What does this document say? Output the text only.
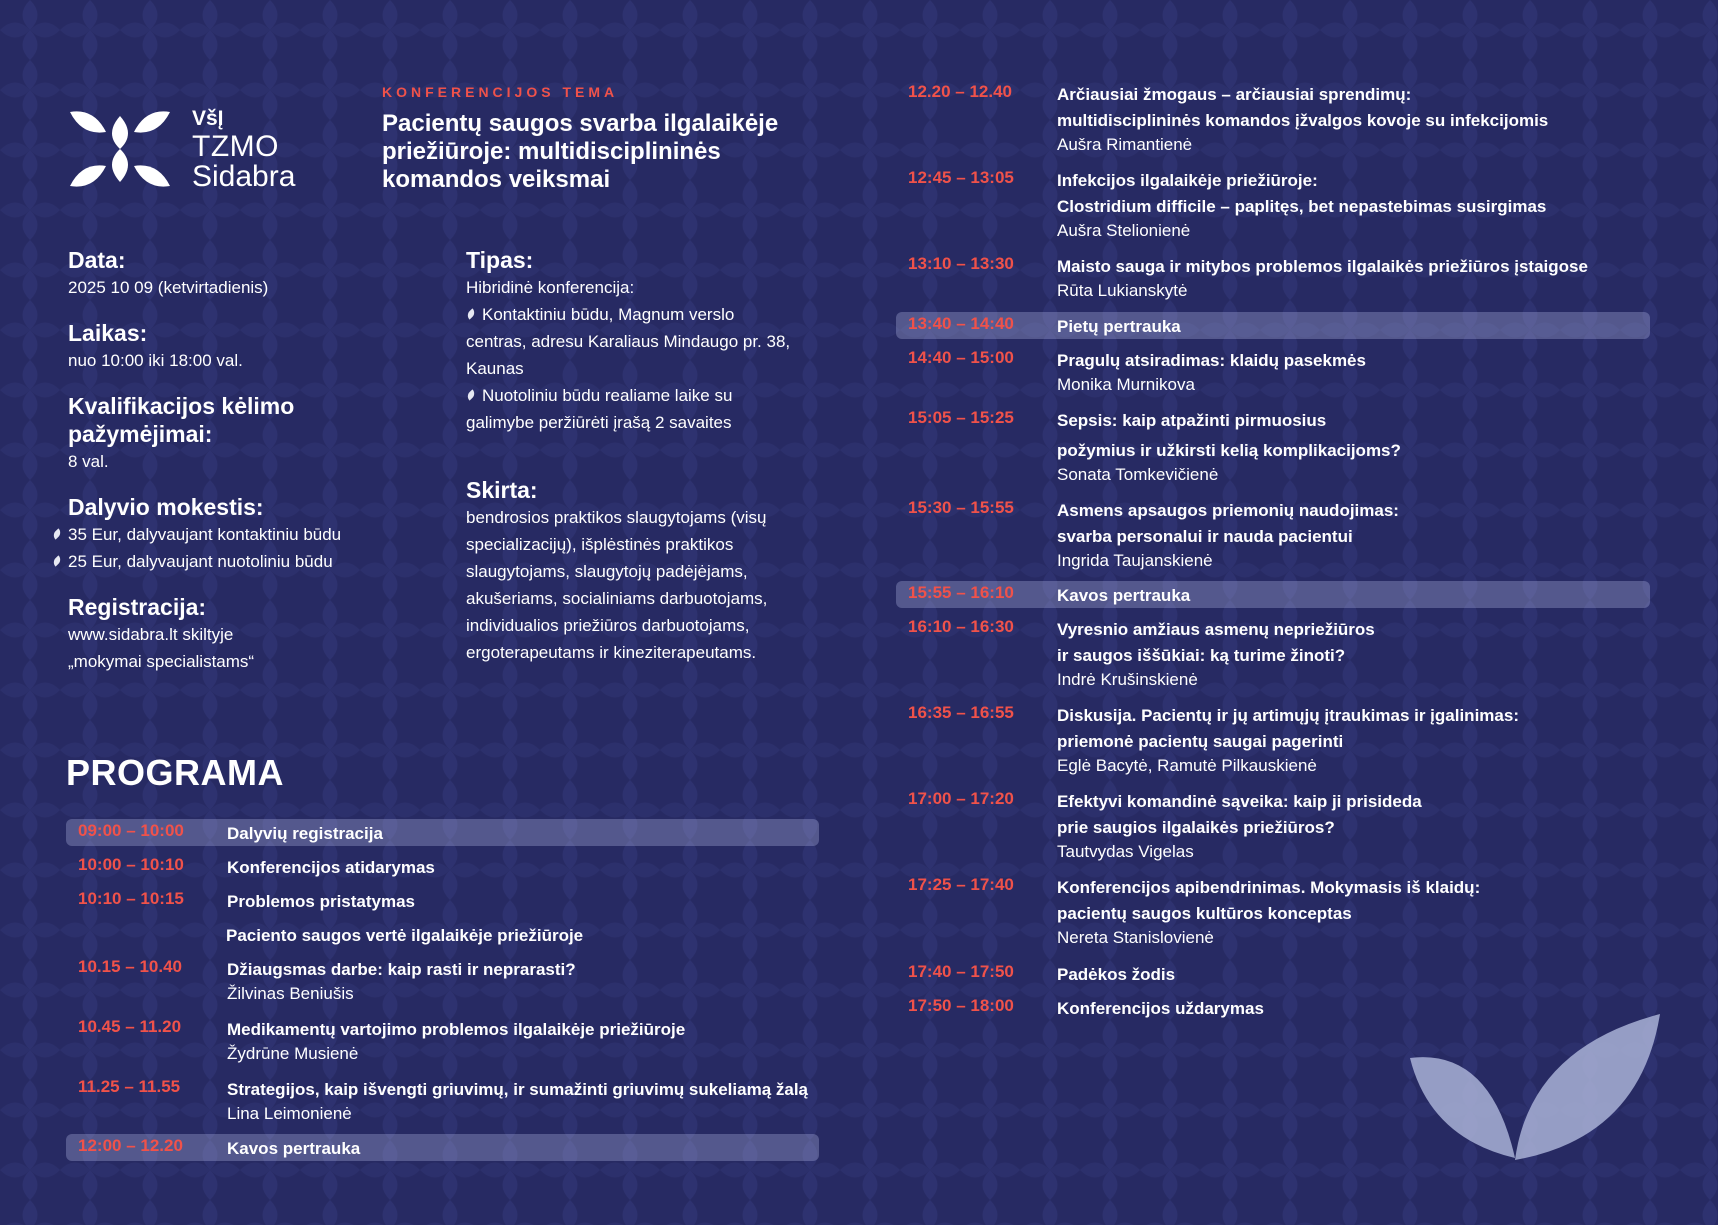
VšĮ
TZMO
Sidabra
KONFERENCIJOS TEMA
Pacientų saugos svarba ilgalaikėje
priežiūroje: multidisciplininės
komandos veiksmai
Data:

2025 10 09 (ketvirtadienis)

Laikas:

nuo 10:00 iki 18:00 val.

Kvalifikacijos kėlimo
pažymėjimai:

8 val.

Dalyvio mokestis:

35 Eur, dalyvaujant kontaktiniu būdu

25 Eur, dalyvaujant nuotoliniu būdu

Registracija:

www.sidabra.lt skiltyje

„mokymai specialistams“

Tipas:

Hibridinė konferencija:

Kontaktiniu būdu, Magnum verslo

centras, adresu Karaliaus Mindaugo pr. 38,

Kaunas

Nuotoliniu būdu realiame laike su

galimybe peržiūrėti įrašą 2 savaites

Skirta:

bendrosios praktikos slaugytojams (visų

specializacijų), išplėstinės praktikos

slaugytojams, slaugytojų padėjėjams,

akušeriams, socialiniams darbuotojams,

individualios priežiūros darbuotojams,

ergoterapeutams ir kineziterapeutams.

PROGRAMA
09:00 – 10:00	Dalyvių registracija
10:00 – 10:10	Konferencijos atidarymas
10:10 – 10:15	Problemos pristatymas
Paciento saugos vertė ilgalaikėje priežiūroje
10.15 – 10.40	Džiaugsmas darbe: kaip rasti ir neprarasti?
Žilvinas Beniušis
10.45 – 11.20	Medikamentų vartojimo problemos ilgalaikėje priežiūroje
Žydrūne Musienė
11.25 – 11.55	Strategijos, kaip išvengti griuvimų, ir sumažinti griuvimų sukeliamą žalą
Lina Leimonienė
12:00 – 12.20	Kavos pertrauka
12.20 – 12.40	Arčiausiai žmogaus – arčiausiai sprendimų:
multidisciplininės komandos įžvalgos kovoje su infekcijomis
Aušra Rimantienė
12:45 – 13:05	Infekcijos ilgalaikėje priežiūroje:
Clostridium difficile – paplitęs, bet nepastebimas susirgimas
Aušra Stelionienė
13:10 – 13:30	Maisto sauga ir mitybos problemos ilgalaikės priežiūros įstaigose
Rūta Lukianskytė
13:40 – 14:40	Pietų pertrauka
14:40 – 15:00	Pragulų atsiradimas: klaidų pasekmės
Monika Murnikova
15:05 – 15:25	Sepsis: kaip atpažinti pirmuosius
požymius ir užkirsti kelią komplikacijoms?
Sonata Tomkevičienė
15:30 – 15:55	Asmens apsaugos priemonių naudojimas:
svarba personalui ir nauda pacientui
Ingrida Taujanskienė
15:55 – 16:10	Kavos pertrauka
16:10 – 16:30	Vyresnio amžiaus asmenų nepriežiūros
ir saugos iššūkiai: ką turime žinoti?
Indrė Krušinskienė
16:35 – 16:55	Diskusija. Pacientų ir jų artimųjų įtraukimas ir įgalinimas:
priemonė pacientų saugai pagerinti
Eglė Bacytė, Ramutė Pilkauskienė
17:00 – 17:20	Efektyvi komandinė sąveika: kaip ji prisideda
prie saugios ilgalaikės priežiūros?
Tautvydas Vigelas
17:25 – 17:40	Konferencijos apibendrinimas. Mokymasis iš klaidų:
pacientų saugos kultūros konceptas
Nereta Stanislovienė
17:40 – 17:50	Padėkos žodis
17:50 – 18:00	Konferencijos uždarymas
